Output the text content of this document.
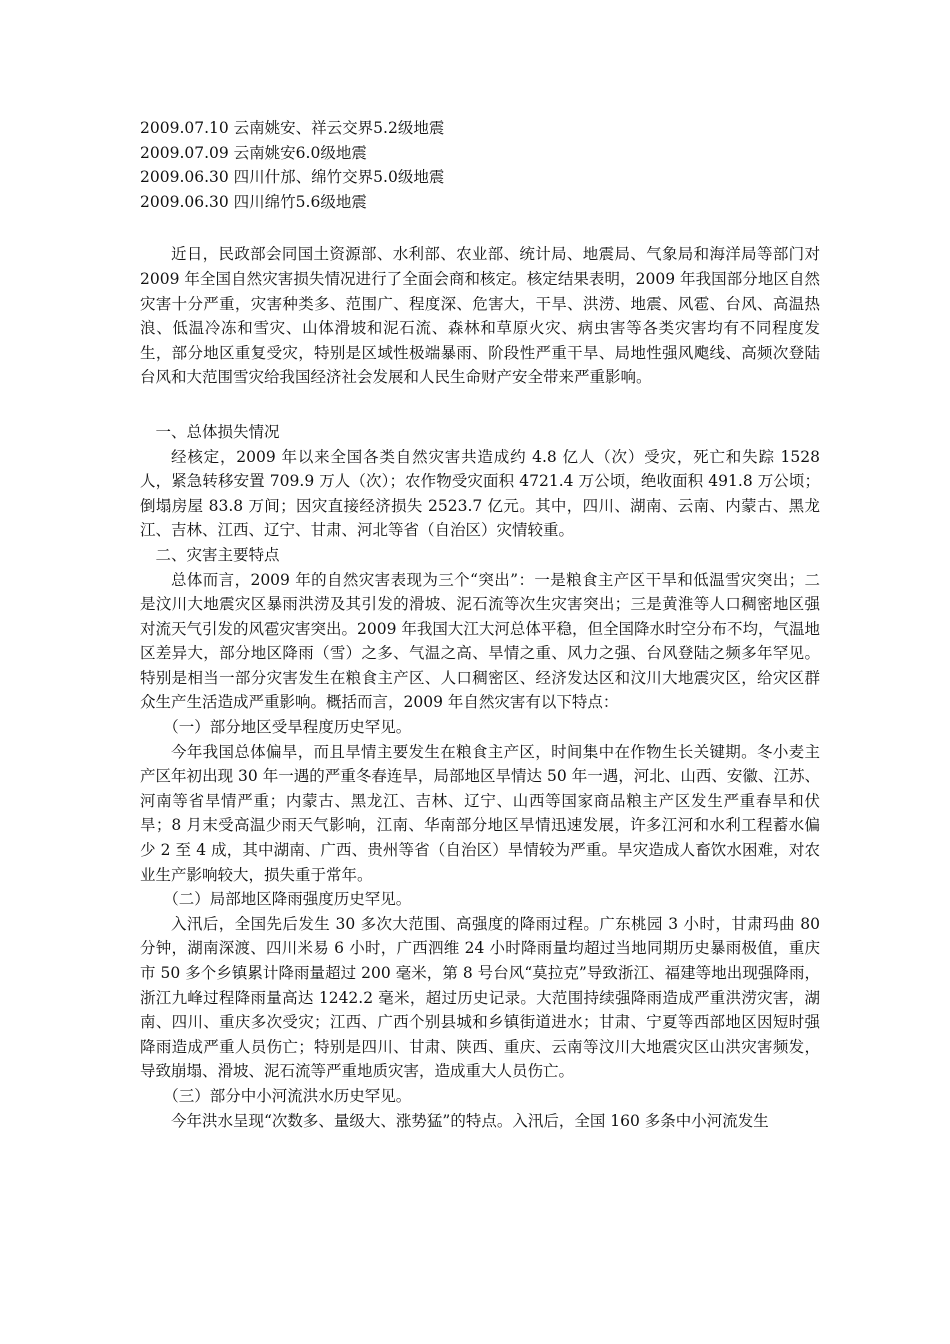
2009.07.10 云南姚安、祥云交界5.2级地震
2009.07.09 云南姚安6.0级地震
2009.06.30 四川什邡、绵竹交界5.0级地震
2009.06.30 四川绵竹5.6级地震

近日，民政部会同国土资源部、水利部、农业部、统计局、地震局、气象局和海洋局等部门对 2009 年全国自然灾害损失情况进行了全面会商和核定。核定结果表明，2009 年我国部分地区自然灾害十分严重，灾害种类多、范围广、程度深、危害大，干旱、洪涝、地震、风雹、台风、高温热浪、低温冷冻和雪灾、山体滑坡和泥石流、森林和草原火灾、病虫害等各类灾害均有不同程度发生，部分地区重复受灾，特别是区域性极端暴雨、阶段性严重干旱、局地性强风飑线、高频次登陆台风和大范围雪灾给我国经济社会发展和人民生命财产安全带来严重影响。

一、总体损失情况

经核定，2009 年以来全国各类自然灾害共造成约 4.8 亿人（次）受灾，死亡和失踪 1528 人，紧急转移安置 709.9 万人（次）；农作物受灾面积 4721.4 万公顷，绝收面积 491.8 万公顷；倒塌房屋 83.8 万间；因灾直接经济损失 2523.7 亿元。其中，四川、湖南、云南、内蒙古、黑龙江、吉林、江西、辽宁、甘肃、河北等省（自治区）灾情较重。

二、灾害主要特点

总体而言，2009 年的自然灾害表现为三个“突出”：一是粮食主产区干旱和低温雪灾突出；二是汶川大地震灾区暴雨洪涝及其引发的滑坡、泥石流等次生灾害突出；三是黄淮等人口稠密地区强对流天气引发的风雹灾害突出。2009 年我国大江大河总体平稳，但全国降水时空分布不均，气温地区差异大，部分地区降雨（雪）之多、气温之高、旱情之重、风力之强、台风登陆之频多年罕见。特别是相当一部分灾害发生在粮食主产区、人口稠密区、经济发达区和汶川大地震灾区，给灾区群众生产生活造成严重影响。概括而言，2009 年自然灾害有以下特点：

（一）部分地区受旱程度历史罕见。

今年我国总体偏旱，而且旱情主要发生在粮食主产区，时间集中在作物生长关键期。冬小麦主产区年初出现 30 年一遇的严重冬春连旱，局部地区旱情达 50 年一遇，河北、山西、安徽、江苏、河南等省旱情严重；内蒙古、黑龙江、吉林、辽宁、山西等国家商品粮主产区发生严重春旱和伏旱；8 月末受高温少雨天气影响，江南、华南部分地区旱情迅速发展，许多江河和水利工程蓄水偏少 2 至 4 成，其中湖南、广西、贵州等省（自治区）旱情较为严重。旱灾造成人畜饮水困难，对农业生产影响较大，损失重于常年。

（二）局部地区降雨强度历史罕见。

入汛后，全国先后发生 30 多次大范围、高强度的降雨过程。广东桃园 3 小时，甘肃玛曲 80 分钟，湖南深渡、四川米易 6 小时，广西泗维 24 小时降雨量均超过当地同期历史暴雨极值，重庆市 50 多个乡镇累计降雨量超过 200 毫米，第 8 号台风“莫拉克”导致浙江、福建等地出现强降雨，浙江九峰过程降雨量高达 1242.2 毫米，超过历史记录。大范围持续强降雨造成严重洪涝灾害，湖南、四川、重庆多次受灾；江西、广西个别县城和乡镇街道进水；甘肃、宁夏等西部地区因短时强降雨造成严重人员伤亡；特别是四川、甘肃、陕西、重庆、云南等汶川大地震灾区山洪灾害频发，导致崩塌、滑坡、泥石流等严重地质灾害，造成重大人员伤亡。

（三）部分中小河流洪水历史罕见。

今年洪水呈现“次数多、量级大、涨势猛”的特点。入汛后，全国 160 多条中小河流发生
